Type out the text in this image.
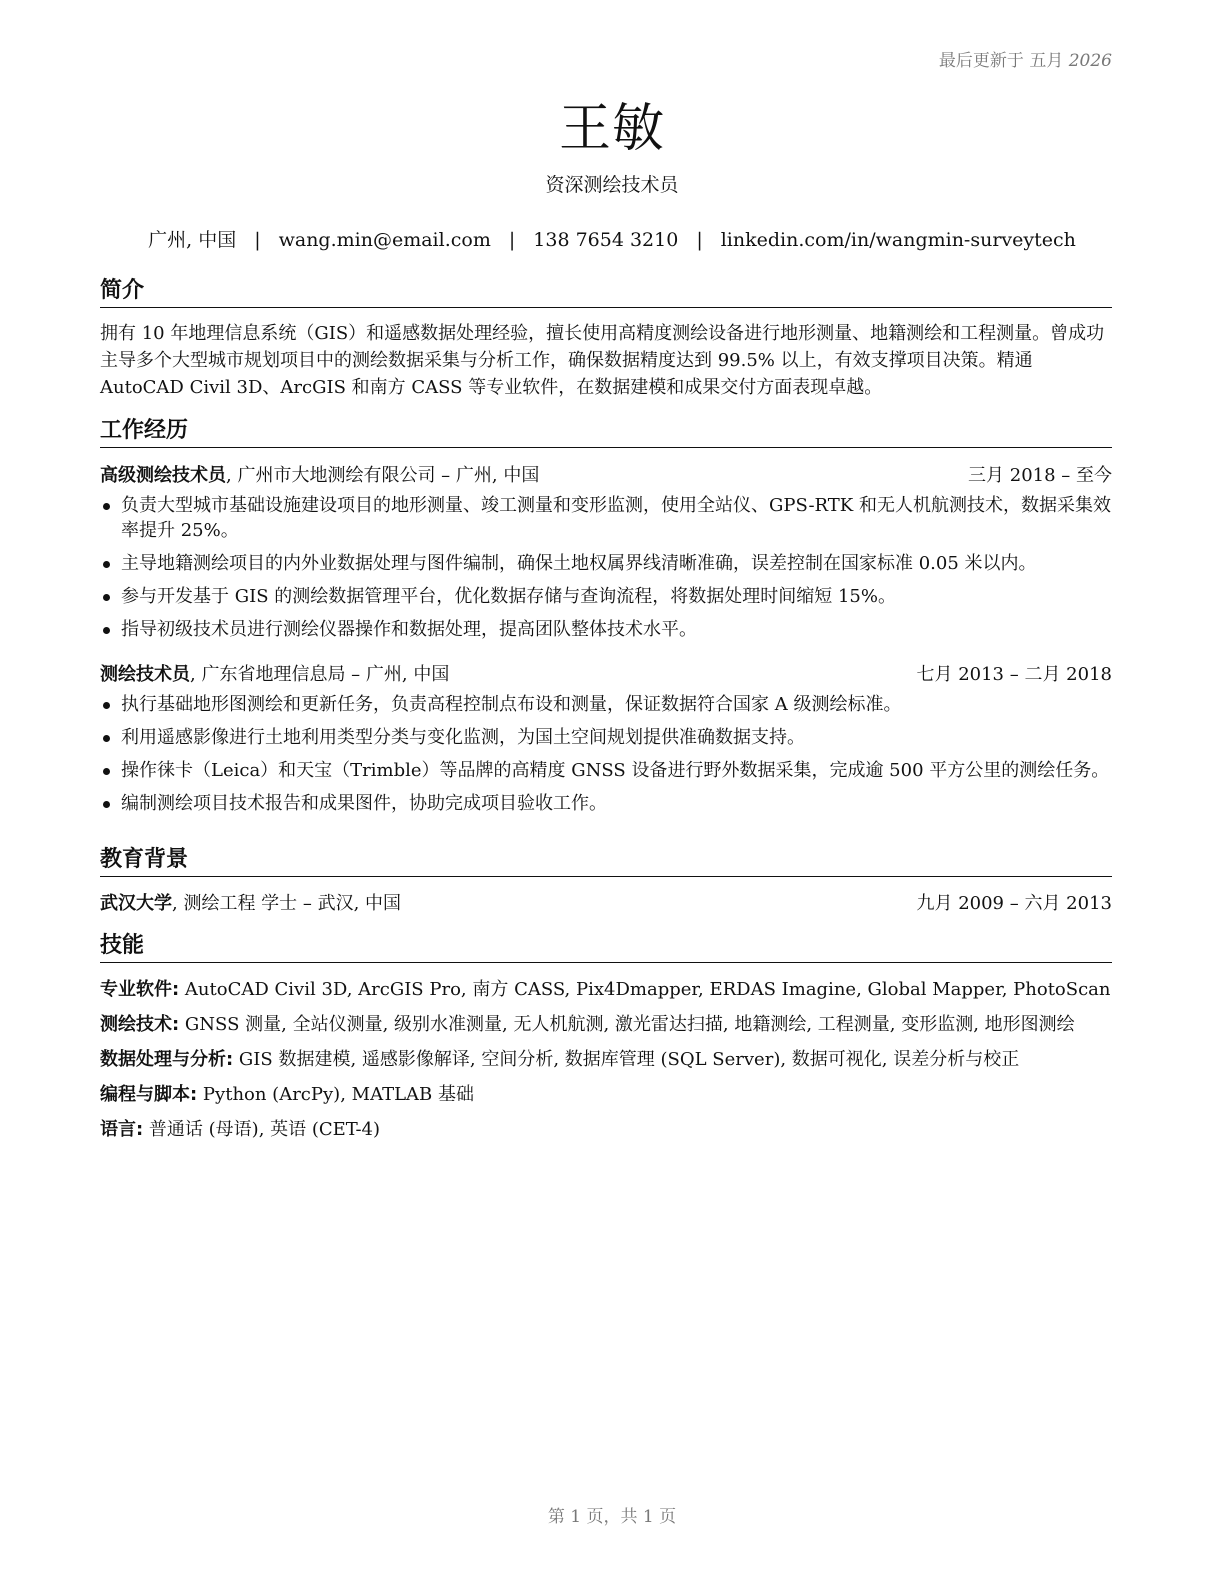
最后更新于 五月 2026
王敏
资深测绘技术员
广州, 中国 | wang.min@email.com | 138 7654 3210 | linkedin.com/in/wangmin-surveytech
简介
拥有 10 年地理信息系统（GIS）和遥感数据处理经验，擅长使用高精度测绘设备进行地形测量、地籍测绘和工程测量。曾成功主导多个大型城市规划项目中的测绘数据采集与分析工作，确保数据精度达到 99.5% 以上，有效支撑项目决策。精通 AutoCAD Civil 3D、ArcGIS 和南方 CASS 等专业软件，在数据建模和成果交付方面表现卓越。
工作经历
高级测绘技术员, 广州市大地测绘有限公司 – 广州, 中国	三月 2018 – 至今
负责大型城市基础设施建设项目的地形测量、竣工测量和变形监测，使用全站仪、GPS-RTK 和无人机航测技术，数据采集效率提升 25%。
主导地籍测绘项目的内外业数据处理与图件编制，确保土地权属界线清晰准确，误差控制在国家标准 0.05 米以内。
参与开发基于 GIS 的测绘数据管理平台，优化数据存储与查询流程，将数据处理时间缩短 15%。
指导初级技术员进行测绘仪器操作和数据处理，提高团队整体技术水平。
测绘技术员, 广东省地理信息局 – 广州, 中国	七月 2013 – 二月 2018
执行基础地形图测绘和更新任务，负责高程控制点布设和测量，保证数据符合国家 A 级测绘标准。
利用遥感影像进行土地利用类型分类与变化监测，为国土空间规划提供准确数据支持。
操作徕卡（Leica）和天宝（Trimble）等品牌的高精度 GNSS 设备进行野外数据采集，完成逾 500 平方公里的测绘任务。
编制测绘项目技术报告和成果图件，协助完成项目验收工作。
教育背景
武汉大学, 测绘工程 学士 – 武汉, 中国	九月 2009 – 六月 2013
技能
专业软件: AutoCAD Civil 3D, ArcGIS Pro, 南方 CASS, Pix4Dmapper, ERDAS Imagine, Global Mapper, PhotoScan
测绘技术: GNSS 测量, 全站仪测量, 级别水准测量, 无人机航测, 激光雷达扫描, 地籍测绘, 工程测量, 变形监测, 地形图测绘
数据处理与分析: GIS 数据建模, 遥感影像解译, 空间分析, 数据库管理 (SQL Server), 数据可视化, 误差分析与校正
编程与脚本: Python (ArcPy), MATLAB 基础
语言: 普通话 (母语), 英语 (CET-4)
第 1 页，共 1 页
